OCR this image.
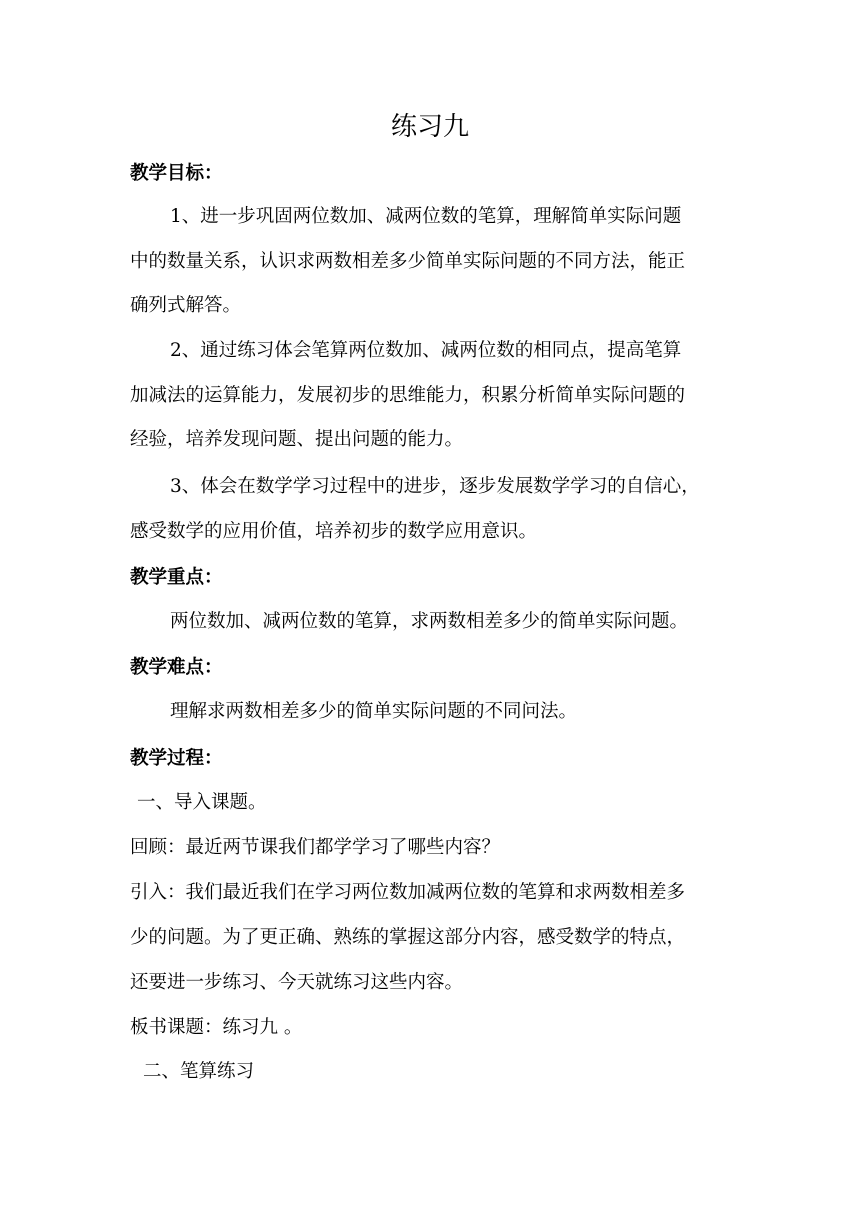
练习九
教学目标：
1、进一步巩固两位数加、减两位数的笔算，理解简单实际问题
中的数量关系，认识求两数相差多少简单实际问题的不同方法，能正
确列式解答。
2、通过练习体会笔算两位数加、减两位数的相同点，提高笔算
加减法的运算能力，发展初步的思维能力，积累分析简单实际问题的
经验，培养发现问题、提出问题的能力。
3、体会在数学学习过程中的进步，逐步发展数学学习的自信心，
感受数学的应用价值，培养初步的数学应用意识。
教学重点：
两位数加、减两位数的笔算，求两数相差多少的简单实际问题。
教学难点：
理解求两数相差多少的简单实际问题的不同问法。
教学过程：
一、导入课题。
回顾：最近两节课我们都学学习了哪些内容？
引入：我们最近我们在学习两位数加减两位数的笔算和求两数相差多
少的问题。为了更正确、熟练的掌握这部分内容，感受数学的特点，
还要进一步练习、今天就练习这些内容。
板书课题：练习九 。
二、笔算练习
